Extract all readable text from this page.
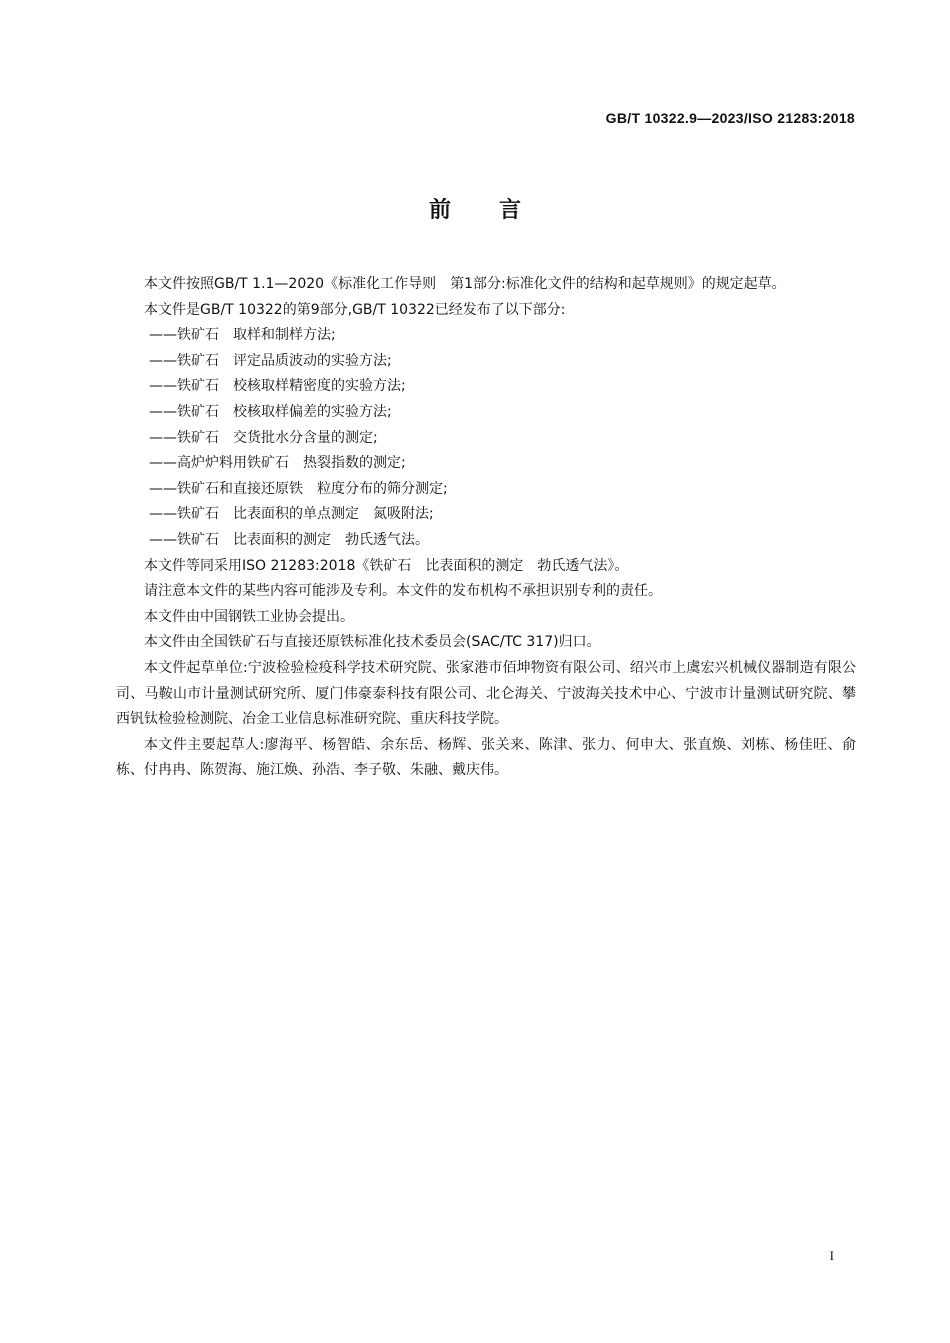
GB/T 10322.9—2023/ISO 21283:2018
前言

本文件按照GB/T 1.1—2020《标准化工作导则　第1部分:标准化文件的结构和起草规则》的规定起草。

本文件是GB/T 10322的第9部分,GB/T 10322已经发布了以下部分:

——铁矿石　取样和制样方法;

——铁矿石　评定品质波动的实验方法;

——铁矿石　校核取样精密度的实验方法;

——铁矿石　校核取样偏差的实验方法;

——铁矿石　交货批水分含量的测定;

——高炉炉料用铁矿石　热裂指数的测定;

——铁矿石和直接还原铁　粒度分布的筛分测定;

——铁矿石　比表面积的单点测定　氮吸附法;

——铁矿石　比表面积的测定　勃氏透气法。

本文件等同采用ISO 21283:2018《铁矿石　比表面积的测定　勃氏透气法》。

请注意本文件的某些内容可能涉及专利。本文件的发布机构不承担识别专利的责任。

本文件由中国钢铁工业协会提出。

本文件由全国铁矿石与直接还原铁标准化技术委员会(SAC/TC 317)归口。

本文件起草单位:宁波检验检疫科学技术研究院、张家港市佰坤物资有限公司、绍兴市上虞宏兴机械仪器制造有限公司、马鞍山市计量测试研究所、厦门伟豪泰科技有限公司、北仑海关、宁波海关技术中心、宁波市计量测试研究院、攀西钒钛检验检测院、冶金工业信息标准研究院、重庆科技学院。

本文件主要起草人:廖海平、杨智皓、余东岳、杨辉、张关来、陈津、张力、何申大、张直焕、刘栋、杨佳旺、俞栋、付冉冉、陈贺海、施江焕、孙浩、李子敬、朱融、戴庆伟。

I
